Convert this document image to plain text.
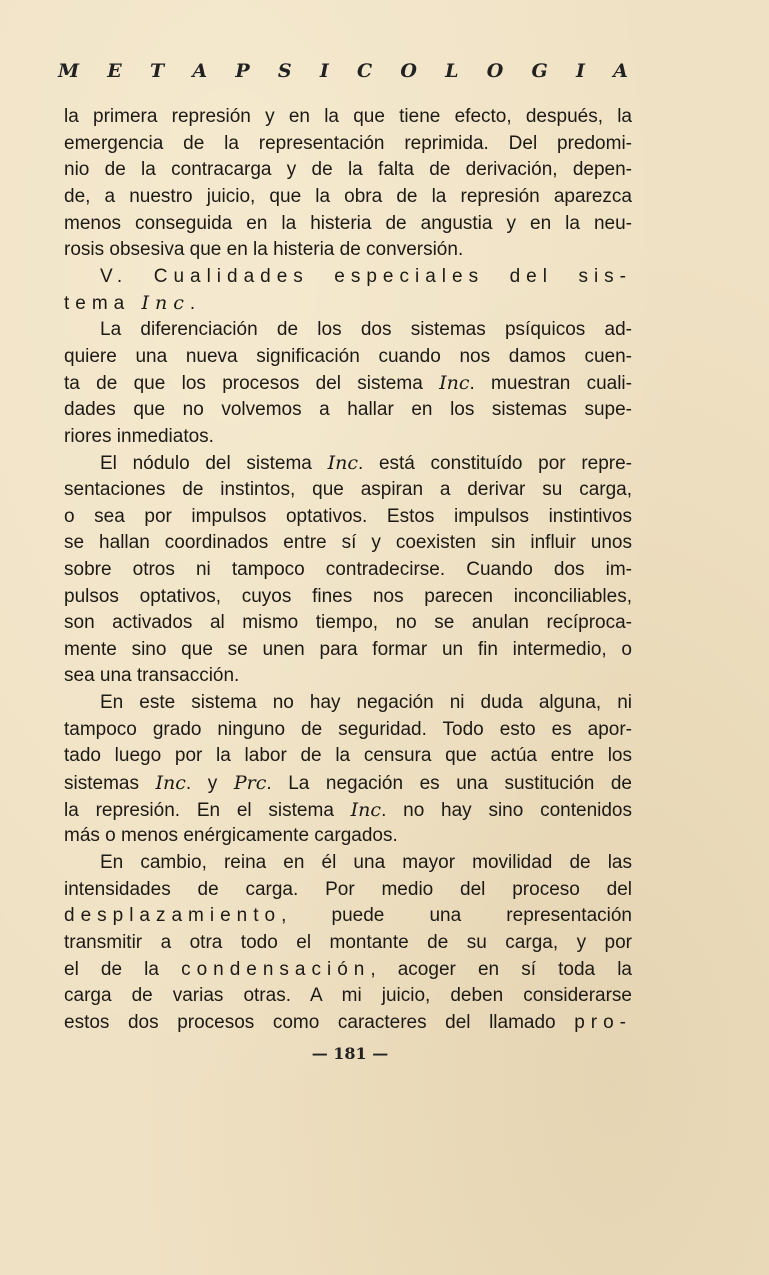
M E T A P S I C O L O G I A
la primera represión y en la que tiene efecto, después, la
emergencia de la representación reprimida. Del predomi-
nio de la contracarga y de la falta de derivación, depen-
de, a nuestro juicio, que la obra de la represión aparezca
menos conseguida en la histeria de angustia y en la neu-
rosis obsesiva que en la histeria de conversión.
V. Cualidades especiales del sis-
tema Inc.
La diferenciación de los dos sistemas psíquicos ad-
quiere una nueva significación cuando nos damos cuen-
ta de que los procesos del sistema Inc. muestran cuali-
dades que no volvemos a hallar en los sistemas supe-
riores inmediatos.
El nódulo del sistema Inc. está constituído por repre-
sentaciones de instintos, que aspiran a derivar su carga,
o sea por impulsos optativos. Estos impulsos instintivos
se hallan coordinados entre sí y coexisten sin influir unos
sobre otros ni tampoco contradecirse. Cuando dos im-
pulsos optativos, cuyos fines nos parecen inconciliables,
son activados al mismo tiempo, no se anulan recíproca-
mente sino que se unen para formar un fin intermedio, o
sea una transacción.
En este sistema no hay negación ni duda alguna, ni
tampoco grado ninguno de seguridad. Todo esto es apor-
tado luego por la labor de la censura que actúa entre los
sistemas Inc. y Prc. La negación es una sustitución de
la represión. En el sistema Inc. no hay sino contenidos
más o menos enérgicamente cargados.
En cambio, reina en él una mayor movilidad de las
intensidades de carga. Por medio del proceso del
desplazamiento, puede una representación
transmitir a otra todo el montante de su carga, y por
el de la condensación, acoger en sí toda la
carga de varias otras. A mi juicio, deben considerarse
estos dos procesos como caracteres del llamado pro-
— 181 —
